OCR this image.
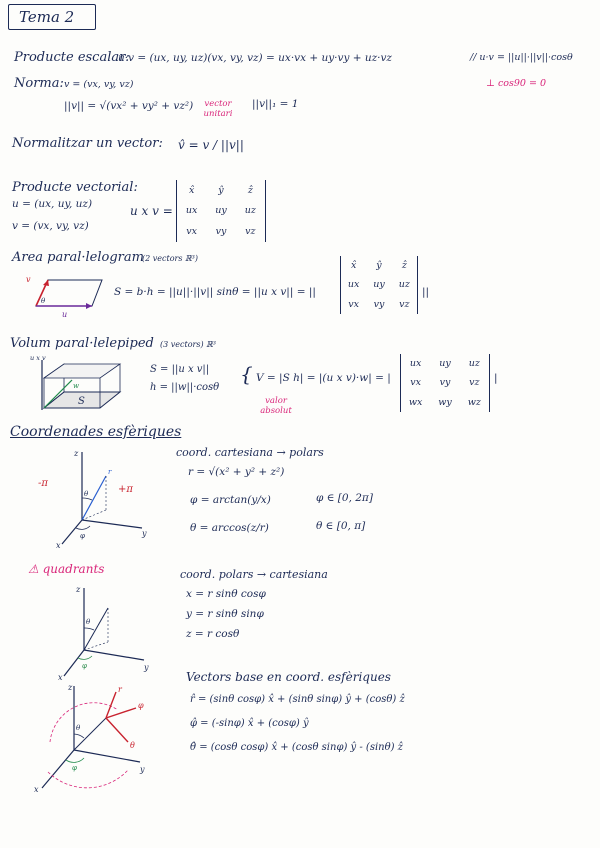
Tema 2
Producte escalar:
u·v = (ux, uy, uz)(vx, vy, vz) = ux·vx + uy·vy + uz·vz	// u·v = ||u||·||v||·cosθ
⊥ cos90 = 0
Norma: v = (vx, vy, vz)
||v|| = √(vx² + vy² + vz²)	vector unitari
||v||₁ = 1
Normalitzar un vector: v̂ = v / ||v||
Producte vectorial:
u = (ux, uy, uz)
v = (vx, vy, vz)
u x v =
x̂	ŷ	ẑ
ux	uy	uz
vx	vy	vz
Area paral·lelogram
(2 vectors ℝ³)
S = b·h = ||u||·||v|| sinθ = ||u x v|| = ||
x̂	ŷ	ẑ
ux	uy	uz
vx	vy	vz
||
v
u
θ
Volum paral·lelepiped (3 vectors) ℝ³
S = ||u x v||
h = ||w||·cosθ
{ V = |S h| = |(u x v)·w| = |
valor absolut
ux	uy	uz
vx	vy	vz
wx	wy	wz
|
u x v
w
S
Coordenades esfèriques
coord. cartesiana → polars
r = √(x² + y² + z²)
φ = arctan(y/x)	φ ∈ [0, 2π]
θ = arccos(z/r)	θ ∈ [0, π]
-π
+π
z
y
x
r
θ
φ
⚠ quadrants	coord. polars → cartesiana
x = r sinθ cosφ
y = r sinθ sinφ
z = r cosθ
z
y
x
θ
φ
Vectors base en coord. esfèriques
r̂ = (sinθ cosφ) x̂ + (sinθ sinφ) ŷ + (cosθ) ẑ
φ̂ = (-sinφ) x̂ + (cosφ) ŷ
θ̂ = (cosθ cosφ) x̂ + (cosθ sinφ) ŷ - (sinθ) ẑ
z
y
x
r
φ
θ
θ
φ
